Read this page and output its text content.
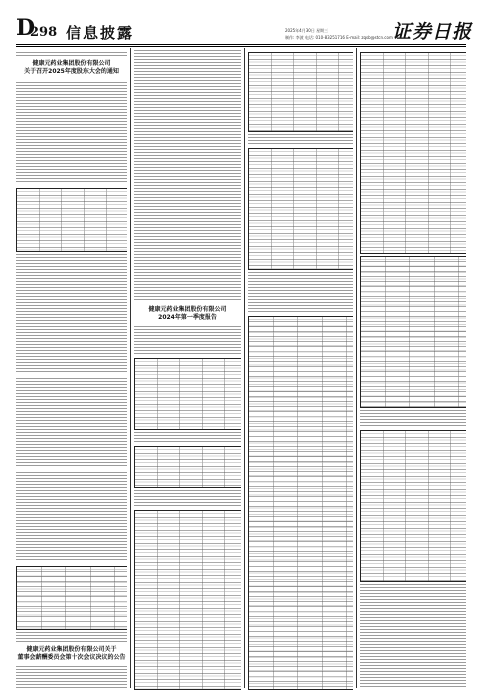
D
298 信息披露	2025年4月30日 星期三
制作: 李波 电话: 010-83251716 E-mail: zqsb@stcn.com 证券日报
健康元药业集团股份有限公司
关于召开2025年度股东大会的通知
健康元药业集团股份有限公司关于
董事会薪酬委员会第十次会议决议的公告
健康元药业集团股份有限公司
2024年第一季度报告
